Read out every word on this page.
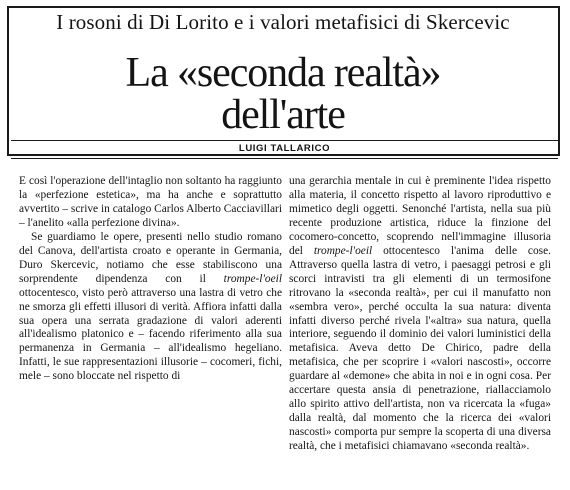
I rosoni di Di Lorito e i valori metafisici di Skercevic
La «seconda realtà»
dell'arte
LUIGI TALLARICO

E così l'operazione dell'intaglio non soltanto ha raggiunto la «perfezione estetica», ma ha anche e soprattutto avvertito – scrive in catalogo Carlos Alberto Cacciavillari – l'anelito «alla perfezione divina».

Se guardiamo le opere, presenti nello studio romano del Canova, dell'artista croato e operante in Germania, Duro Skercevic, notiamo che esse stabiliscono una sorprendente dipendenza con il trompe-l'oeil ottocentesco, visto però attraverso una lastra di vetro che ne smorza gli effetti illusori di verità. Affiora infatti dalla sua opera una serrata gradazione di valori aderenti all'idealismo platonico e – facendo riferimento alla sua permanenza in Germania – all'idealismo hegeliano. Infatti, le sue rappresentazioni illusorie – cocomeri, fichi, mele – sono bloccate nel rispetto di

una gerarchia mentale in cui è preminente l'idea rispetto alla materia, il concetto rispetto al lavoro riproduttivo e mimetico degli oggetti. Senonché l'artista, nella sua più recente produzione artistica, riduce la finzione del cocomero-concetto, scoprendo nell'immagine illusoria del trompe-l'oeil ottocentesco l'anima delle cose. Attraverso quella lastra di vetro, i paesaggi petrosi e gli scorci intravisti tra gli elementi di un termosifone ritrovano la «seconda realtà», per cui il manufatto non «sembra vero», perché occulta la sua natura: diventa infatti diverso perché rivela l'«altra» sua natura, quella interiore, seguendo il dominio dei valori luministici della metafisica. Aveva detto De Chirico, padre della metafisica, che per scoprire i «valori nascosti», occorre guardare al «demone» che abita in noi e in ogni cosa. Per accertare questa ansia di penetrazione, riallacciamolo allo spirito attivo dell'artista, non va ricercata la «fuga» dalla realtà, dal momento che la ricerca dei «valori nascosti» comporta pur sempre la scoperta di una diversa realtà, che i metafisici chiamavano «seconda realtà».
